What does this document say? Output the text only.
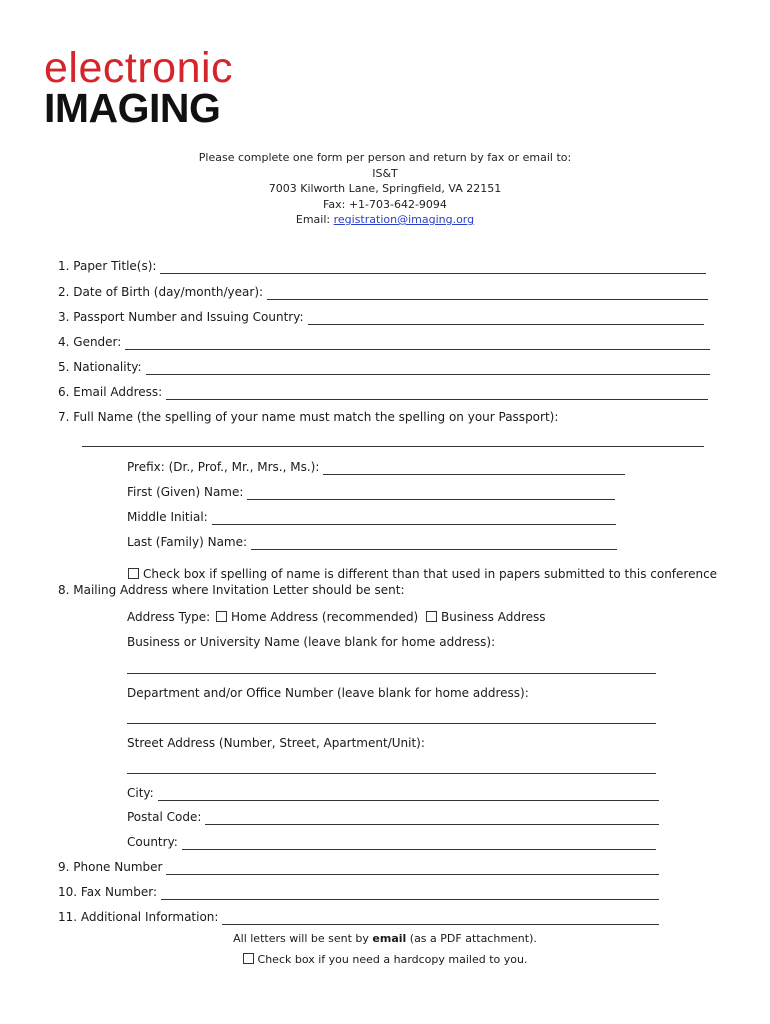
electronic
IMAGING
Please complete one form per person and return by fax or email to:
IS&T
7003 Kilworth Lane, Springfield, VA 22151
Fax: +1-703-642-9094
Email: registration@imaging.org
1. Paper Title(s):
2. Date of Birth (day/month/year):
3. Passport Number and Issuing Country:
4. Gender:
5. Nationality:
6. Email Address:
7. Full Name (the spelling of your name must match the spelling on your Passport):
Prefix: (Dr., Prof., Mr., Mrs., Ms.):
First (Given) Name:
Middle Initial:
Last (Family) Name:
Check box if spelling of name is different than that used in papers submitted to this conference
8. Mailing Address where Invitation Letter should be sent:
Address Type: Home Address (recommended)	Business Address
Business or University Name (leave blank for home address):
Department and/or Office Number (leave blank for home address):
Street Address (Number, Street, Apartment/Unit):
City:
Postal Code:
Country:
9. Phone Number
10. Fax Number:
11. Additional Information:
All letters will be sent by email (as a PDF attachment).
Check box if you need a hardcopy mailed to you.
